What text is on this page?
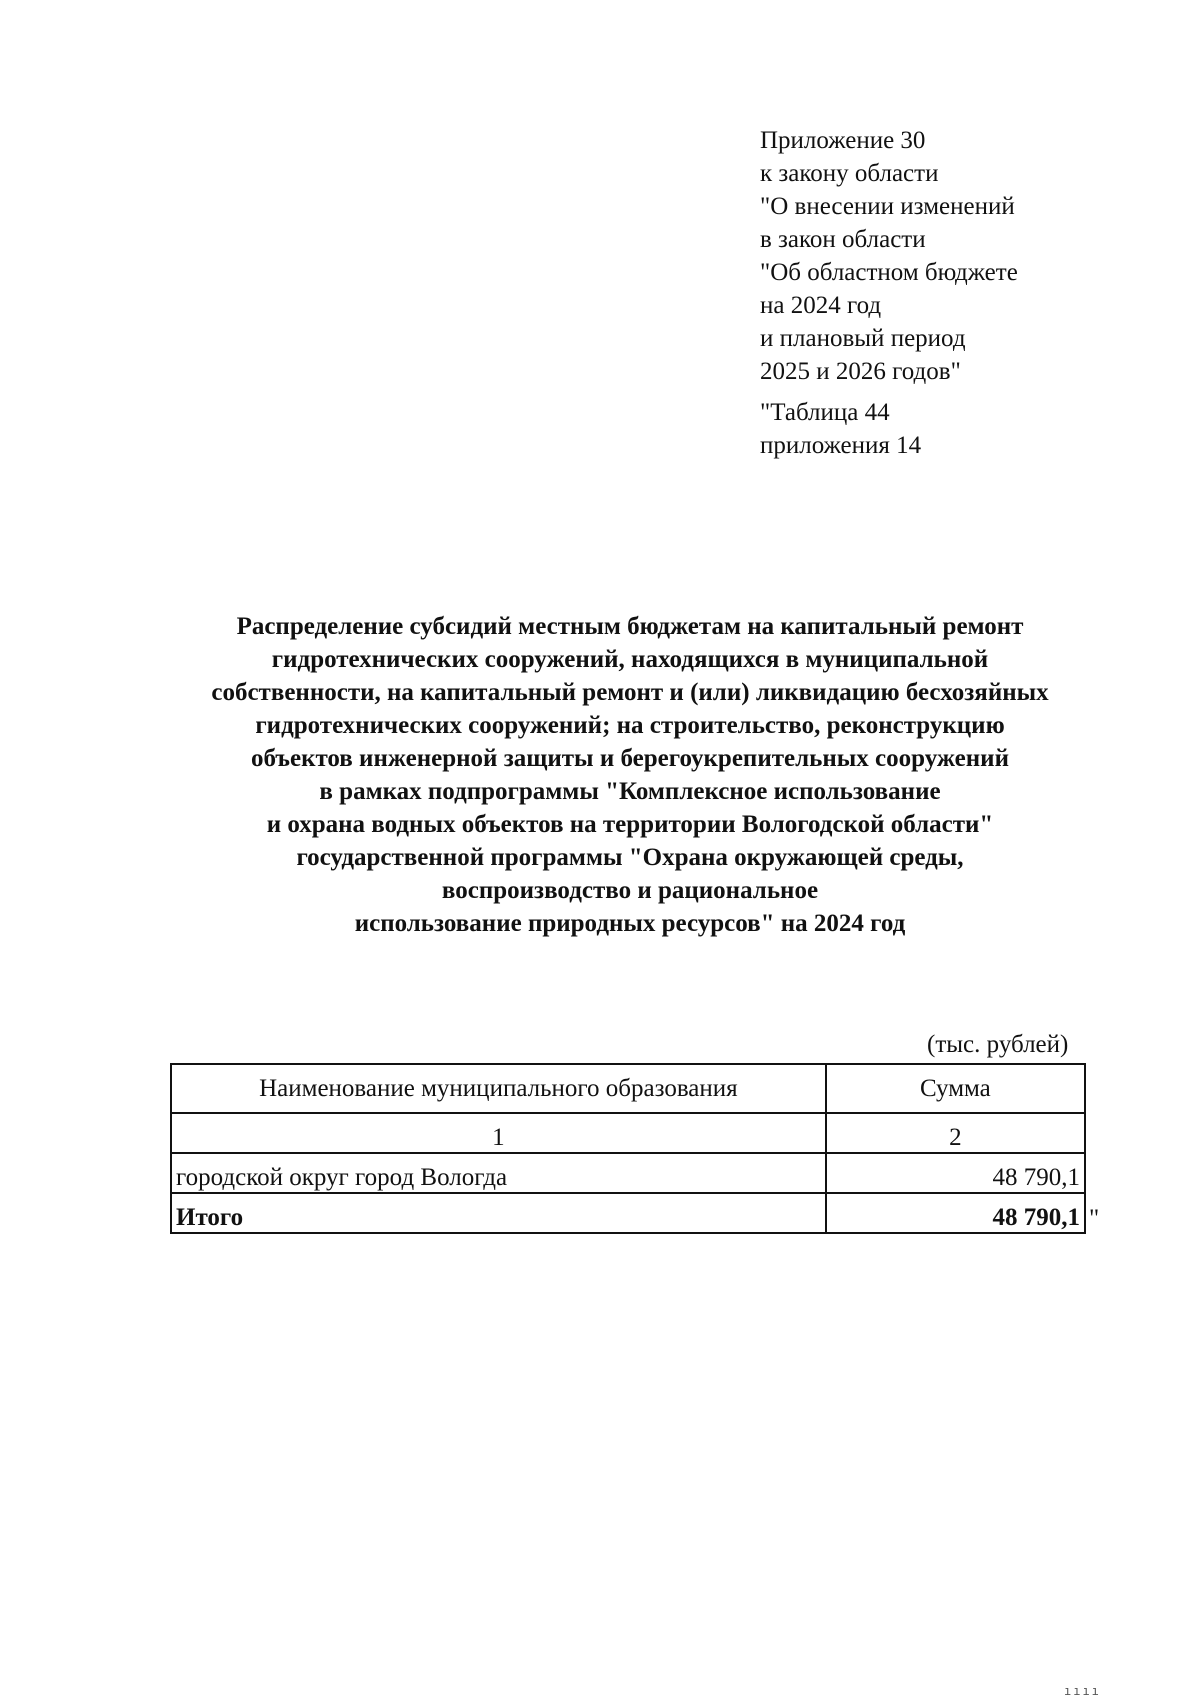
Приложение 30
к закону области
"О внесении изменений
в закон области
"Об областном бюджете
на 2024 год
и плановый период
2025 и 2026 годов"
"Таблица 44
приложения 14
Распределение субсидий местным бюджетам на капитальный ремонт
гидротехнических сооружений, находящихся в муниципальной
собственности, на капитальный ремонт и (или) ликвидацию бесхозяйных
гидротехнических сооружений; на строительство, реконструкцию
объектов инженерной защиты и берегоукрепительных сооружений
в рамках подпрограммы "Комплексное использование
и охрана водных объектов на территории Вологодской области"
государственной программы "Охрана окружающей среды,
воспроизводство и рациональное
использование природных ресурсов" на 2024 год
(тыс. рублей)
Наименование муниципального образования	Сумма
1	2
городской округ город Вологда	48 790,1
Итого	48 790,1 "
ıııı
